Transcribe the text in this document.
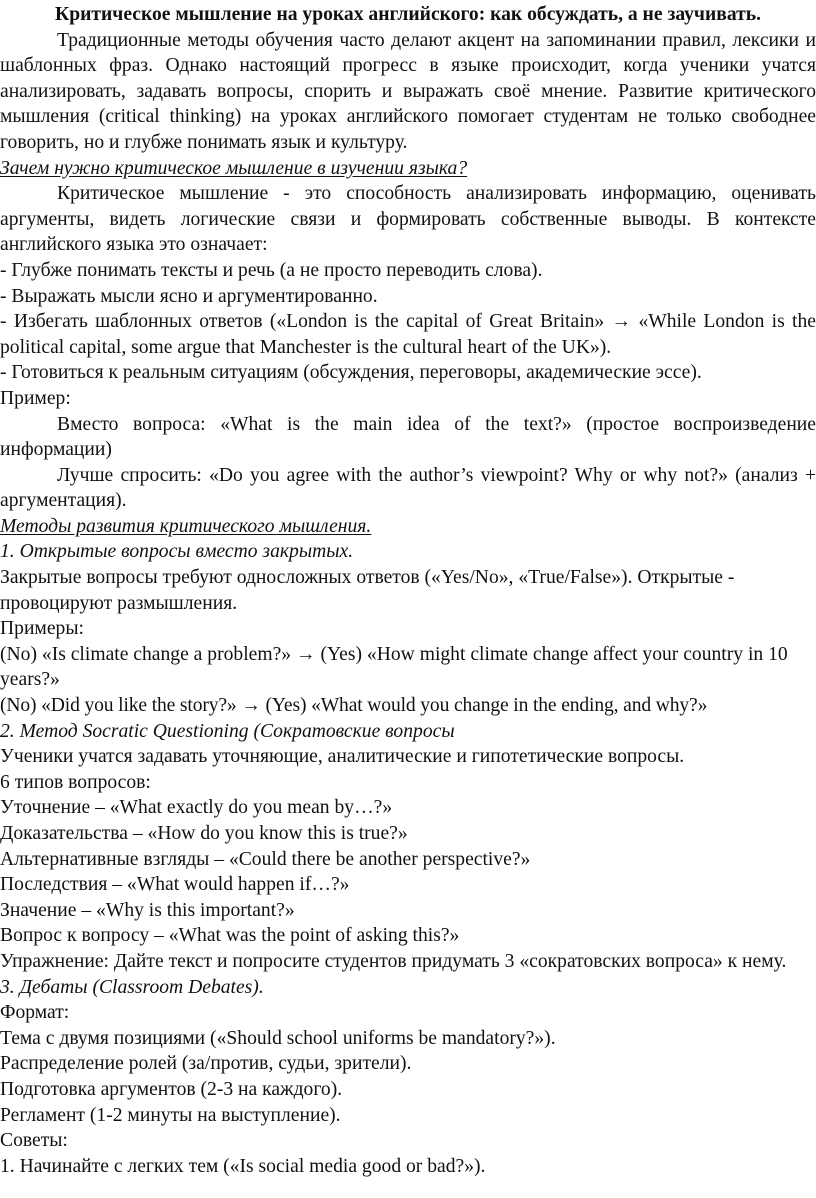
Критическое мышление на уроках английского: как обсуждать, а не заучивать.
Традиционные методы обучения часто делают акцент на запоминании правил, лексики и шаблонных фраз. Однако настоящий прогресс в языке происходит, когда ученики учатся анализировать, задавать вопросы, спорить и выражать своё мнение. Развитие критического мышления (critical thinking) на уроках английского помогает студентам не только свободнее говорить, но и глубже понимать язык и культуру.
Зачем нужно критическое мышление в изучении языка?
Критическое мышление - это способность анализировать информацию, оценивать аргументы, видеть логические связи и формировать собственные выводы. В контексте английского языка это означает:
- Глубже понимать тексты и речь (а не просто переводить слова).
- Выражать мысли ясно и аргументированно.
- Избегать шаблонных ответов («London is the capital of Great Britain» → «While London is the political capital, some argue that Manchester is the cultural heart of the UK»).
- Готовиться к реальным ситуациям (обсуждения, переговоры, академические эссе).
Пример:
Вместо вопроса: «What is the main idea of the text?» (простое воспроизведение информации)
Лучше спросить: «Do you agree with the author’s viewpoint? Why or why not?» (анализ + аргументация).
Методы развития критического мышления.
1. Открытые вопросы вместо закрытых.
Закрытые вопросы требуют односложных ответов («Yes/No», «True/False»). Открытые - провоцируют размышления.
Примеры:
(No) «Is climate change a problem?» → (Yes) «How might climate change affect your country in 10 years?»
(No) «Did you like the story?» → (Yes) «What would you change in the ending, and why?»
2. Метод Socratic Questioning (Сократовские вопросы
Ученики учатся задавать уточняющие, аналитические и гипотетические вопросы.
6 типов вопросов:
Уточнение – «What exactly do you mean by…?»
Доказательства – «How do you know this is true?»
Альтернативные взгляды – «Could there be another perspective?»
Последствия – «What would happen if…?»
Значение – «Why is this important?»
Вопрос к вопросу – «What was the point of asking this?»
Упражнение: Дайте текст и попросите студентов придумать 3 «сократовских вопроса» к нему.
3. Дебаты (Classroom Debates).
Формат:
Тема с двумя позициями («Should school uniforms be mandatory?»).
Распределение ролей (за/против, судьи, зрители).
Подготовка аргументов (2-3 на каждого).
Регламент (1-2 минуты на выступление).
Советы:
1. Начинайте с легких тем («Is social media good or bad?»).
